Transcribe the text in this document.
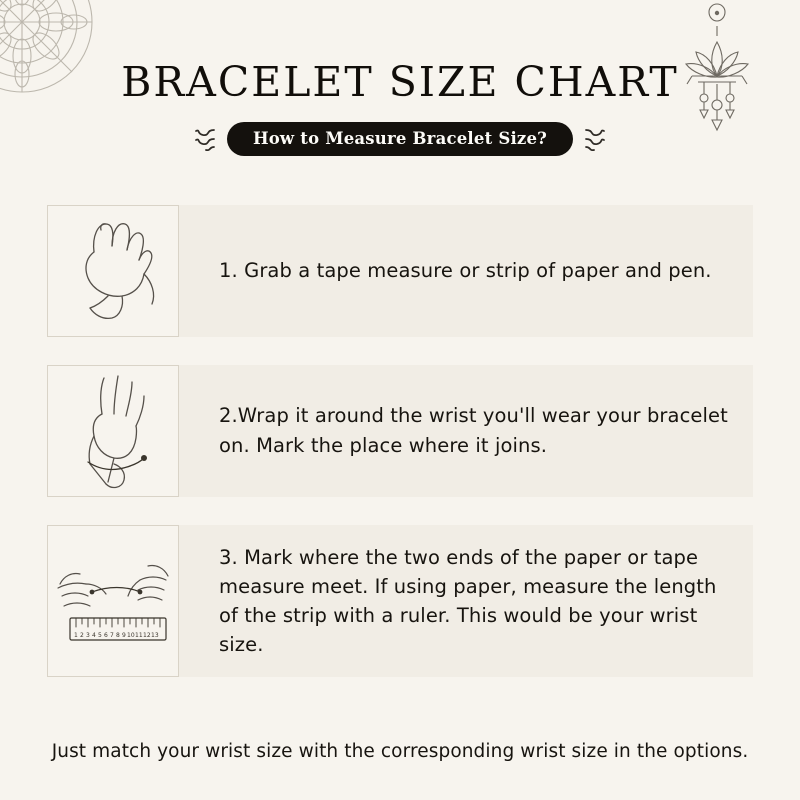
BRACELET SIZE CHART
How to Measure Bracelet Size?
1. Grab a tape measure or strip of paper and pen.
2.Wrap it around the wrist you'll wear your bracelet on. Mark the place where it joins.
1 2 3 4 5 6 7 8 9 10 11 12 13
3. Mark where the two ends of the paper or tape measure meet. If using paper, measure the length of the strip with a ruler. This would be your wrist size.
Just match your wrist size with the corresponding wrist size in the options.
